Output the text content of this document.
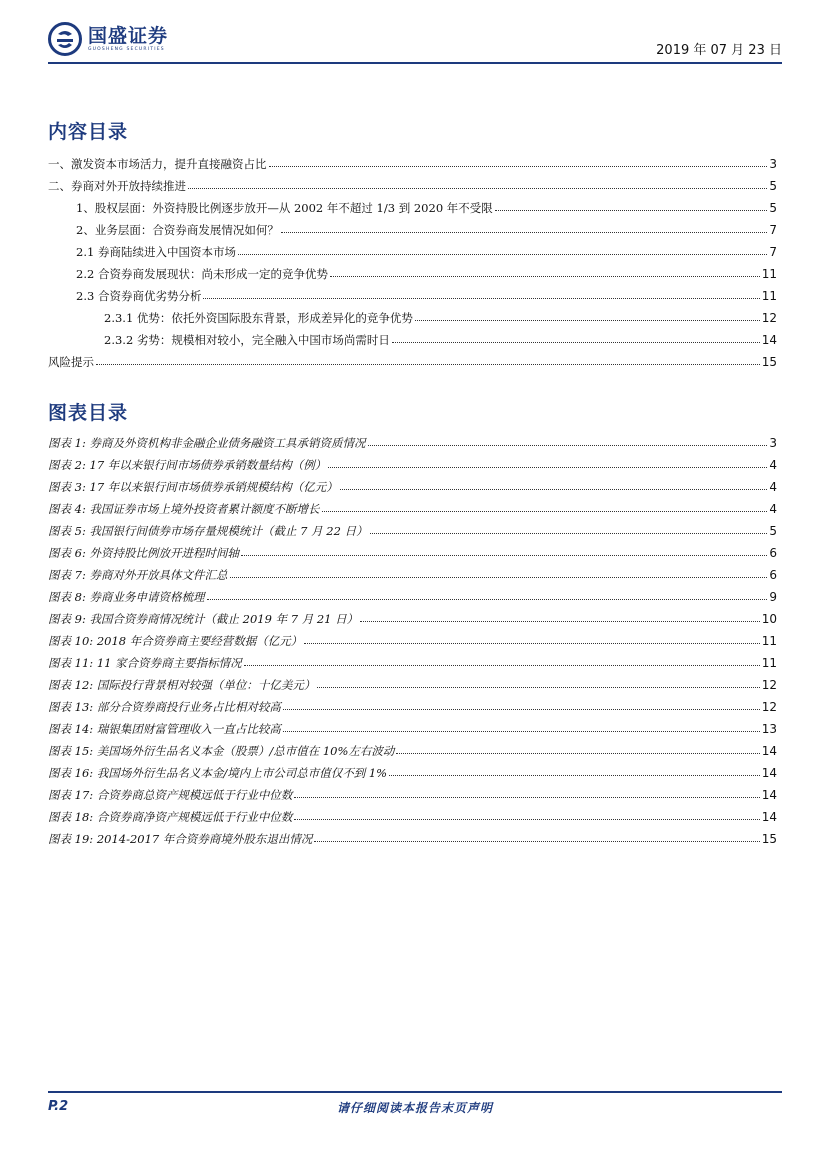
国盛证券
GUOSHENG SECURITIES	2019 年 07 月 23 日
内容目录
一、激发资本市场活力，提升直接融资占比	3
二、券商对外开放持续推进	5
1、股权层面：外资持股比例逐步放开—从 2002 年不超过 1/3 到 2020 年不受限	5
2、业务层面：合资券商发展情况如何？	7
2.1 券商陆续进入中国资本市场	7
2.2 合资券商发展现状：尚未形成一定的竞争优势	11
2.3 合资券商优劣势分析	11
2.3.1 优势：依托外资国际股东背景，形成差异化的竞争优势	12
2.3.2 劣势：规模相对较小，完全融入中国市场尚需时日	14
风险提示	15
图表目录
图表 1: 券商及外资机构非金融企业债务融资工具承销资质情况	3
图表 2: 17 年以来银行间市场债券承销数量结构（例）	4
图表 3: 17 年以来银行间市场债券承销规模结构（亿元）	4
图表 4: 我国证券市场上境外投资者累计额度不断增长	4
图表 5: 我国银行间债券市场存量规模统计（截止 7 月 22 日）	5
图表 6: 外资持股比例放开进程时间轴	6
图表 7: 券商对外开放具体文件汇总	6
图表 8: 券商业务申请资格梳理	9
图表 9: 我国合资券商情况统计（截止 2019 年 7 月 21 日）	10
图表 10: 2018 年合资券商主要经营数据（亿元）	11
图表 11: 11 家合资券商主要指标情况	11
图表 12: 国际投行背景相对较强（单位：十亿美元）	12
图表 13: 部分合资券商投行业务占比相对较高	12
图表 14: 瑞银集团财富管理收入一直占比较高	13
图表 15: 美国场外衍生品名义本金（股票）/总市值在 10%左右波动	14
图表 16: 我国场外衍生品名义本金/境内上市公司总市值仅不到 1%	14
图表 17: 合资券商总资产规模远低于行业中位数	14
图表 18: 合资券商净资产规模远低于行业中位数	14
图表 19: 2014-2017 年合资券商境外股东退出情况	15
P.2	请仔细阅读本报告末页声明
